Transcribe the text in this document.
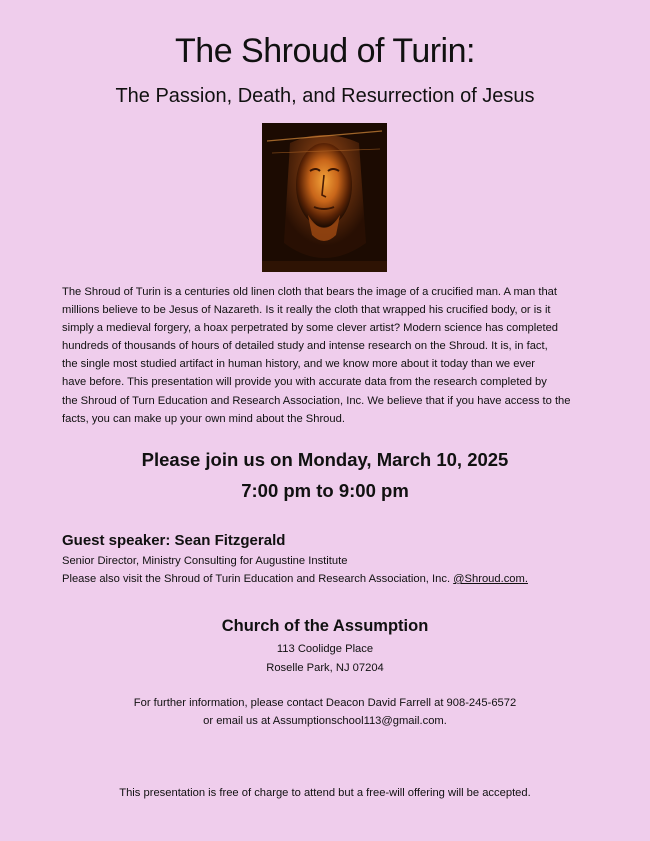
The Shroud of Turin:
The Passion, Death, and Resurrection of Jesus
The Shroud of Turin is a centuries old linen cloth that bears the image of a crucified man. A man that
millions believe to be Jesus of Nazareth. Is it really the cloth that wrapped his crucified body, or is it
simply a medieval forgery, a hoax perpetrated by some clever artist? Modern science has completed
hundreds of thousands of hours of detailed study and intense research on the Shroud. It is, in fact,
the single most studied artifact in human history, and we know more about it today than we ever
have before. This presentation will provide you with accurate data from the research completed by
the Shroud of Turn Education and Research Association, Inc. We believe that if you have access to the
facts, you can make up your own mind about the Shroud.
Please join us on Monday, March 10, 2025
7:00 pm to 9:00 pm
Guest speaker: Sean Fitzgerald
Senior Director, Ministry Consulting for Augustine Institute
Please also visit the Shroud of Turin Education and Research Association, Inc. @Shroud.com.
Church of the Assumption
113 Coolidge Place
Roselle Park, NJ 07204
For further information, please contact Deacon David Farrell at 908-245-6572
or email us at Assumptionschool113@gmail.com.
This presentation is free of charge to attend but a free-will offering will be accepted.
